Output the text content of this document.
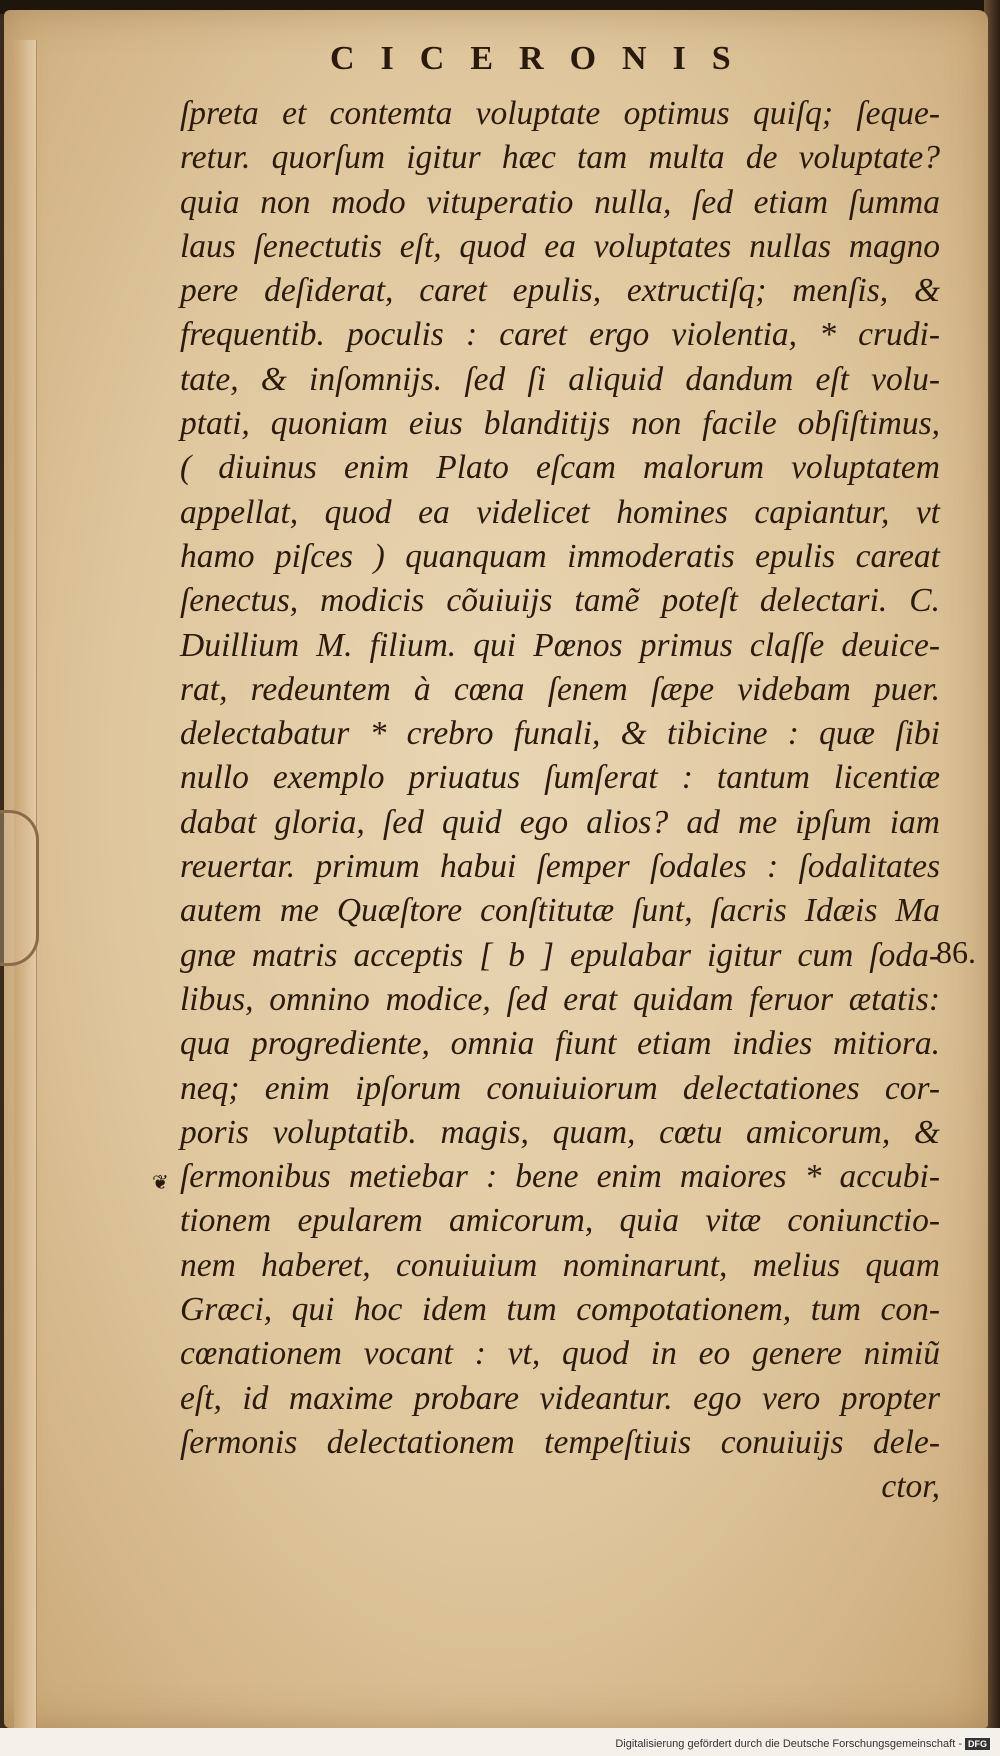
CICERONIS
ſpreta et contemta voluptate optimus quiſq; ſeque-
retur. quorſum igitur hæc tam multa de voluptate?
quia non modo vituperatio nulla, ſed etiam ſumma
laus ſenectutis eſt, quod ea voluptates nullas magno
pere deſiderat, caret epulis, extructiſq; menſis, &
frequentib. poculis : caret ergo violentia, * crudi-
tate, & inſomnijs. ſed ſi aliquid dandum eſt volu-
ptati, quoniam eius blanditijs non facile obſiſtimus,
( diuinus enim Plato eſcam malorum voluptatem
appellat, quod ea videlicet homines capiantur, vt
hamo piſces ) quanquam immoderatis epulis careat
ſenectus, modicis cõuiuijs tamẽ poteſt delectari. C.
Duillium M. filium. qui Pœnos primus claſſe deuice-
rat, redeuntem à cœna ſenem ſæpe videbam puer.
delectabatur * crebro funali, & tibicine : quæ ſibi
nullo exemplo priuatus ſumſerat : tantum licentiæ
dabat gloria, ſed quid ego alios? ad me ipſum iam
reuertar. primum habui ſemper ſodales : ſodalitates
autem me Quæſtore conſtitutæ ſunt, ſacris Idæis Ma
gnæ matris acceptis [ b ] epulabar igitur cum ſoda-
libus, omnino modice, ſed erat quidam feruor ætatis:
qua progrediente, omnia fiunt etiam indies mitiora.
neq; enim ipſorum conuiuiorum delectationes cor-
poris voluptatib. magis, quam, cœtu amicorum, &
ſermonibus metiebar : bene enim maiores * accubi-
tionem epularem amicorum, quia vitæ coniunctio-
nem haberet, conuiuium nominarunt, melius quam
Græci, qui hoc idem tum compotationem, tum con-
cœnationem vocant : vt, quod in eo genere nimiũ
eſt, id maxime probare videantur. ego vero propter
ſermonis delectationem tempeſtiuis conuiuijs dele-
ctor,
86.
❦
Digitalisierung gefördert durch die Deutsche Forschungsgemeinschaft - DFG
